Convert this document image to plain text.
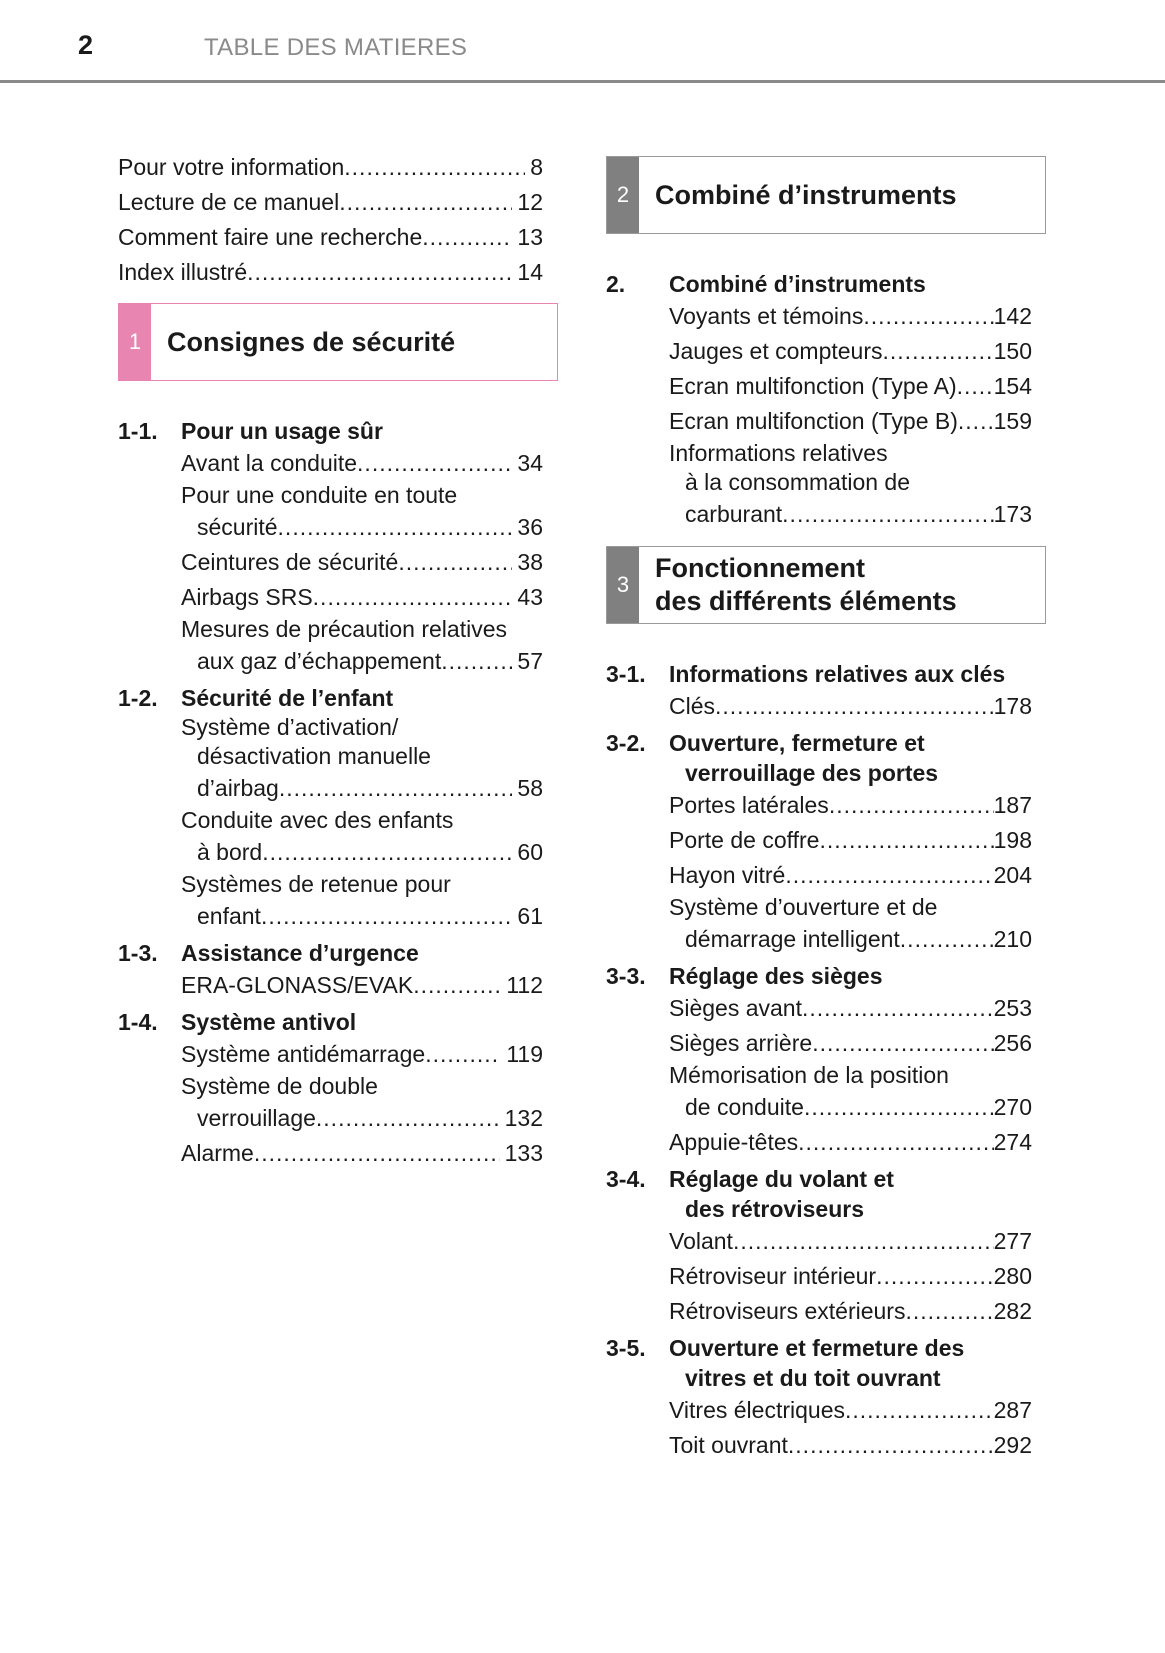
2	TABLE DES MATIERES
Pour votre information .....	8
Lecture de ce manuel .....	12
Comment faire une recherche .....	13
Index illustré .....	14
1 Consignes de sécurité
1-1.	Pour un usage sûr
Avant la conduite .....	34
Pour une conduite en toute
sécurité .....	36
Ceintures de sécurité .....	38
Airbags SRS .....	43
Mesures de précaution relatives
aux gaz d’échappement .....	57
1-2.	Sécurité de l’enfant
Système d’activation/
désactivation manuelle
d’airbag .....	58
Conduite avec des enfants
à bord .....	60
Systèmes de retenue pour
enfant .....	61
1-3.	Assistance d’urgence
ERA-GLONASS/EVAK .....	112
1-4.	Système antivol
Système antidémarrage .....	119
Système de double
verrouillage .....	132
Alarme .....	133
2 Combiné d’instruments
2.	Combiné d’instruments
Voyants et témoins .....	142
Jauges et compteurs .....	150
Ecran multifonction (Type A) ..... 154
Ecran multifonction (Type B) ..... 159
Informations relatives
à la consommation de
carburant .....	173
3
Fonctionnement
des différents éléments
3-1.	Informations relatives aux clés
Clés .....	178
3-2.	Ouverture, fermeture et
verrouillage des portes
Portes latérales .....	187
Porte de coffre .....	198
Hayon vitré .....	204
Système d’ouverture et de
démarrage intelligent .....	210
3-3.	Réglage des sièges
Sièges avant .....	253
Sièges arrière .....	256
Mémorisation de la position
de conduite .....	270
Appuie-têtes .....	274
3-4.	Réglage du volant et
des rétroviseurs
Volant .....	277
Rétroviseur intérieur .....	280
Rétroviseurs extérieurs .....	282
3-5.	Ouverture et fermeture des
vitres et du toit ouvrant
Vitres électriques .....	287
Toit ouvrant .....	292
